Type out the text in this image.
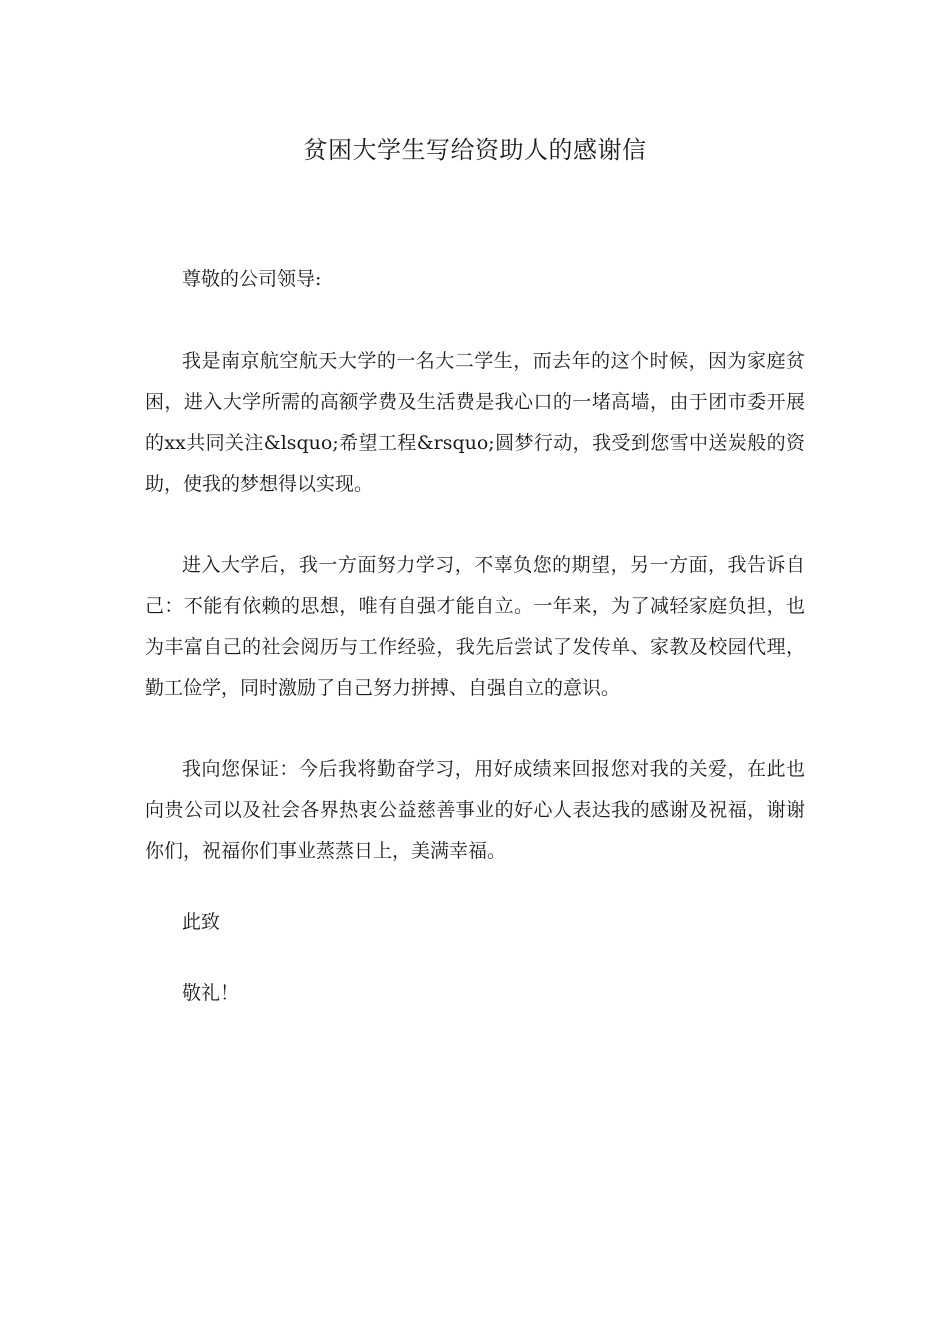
贫困大学生写给资助人的感谢信

尊敬的公司领导:

我是南京航空航天大学的一名大二学生，而去年的这个时候，因为家庭贫困，进入大学所需的高额学费及生活费是我心口的一堵高墙，由于团市委开展的xx共同关注&lsquo;希望工程&rsquo;圆梦行动，我受到您雪中送炭般的资助，使我的梦想得以实现。

进入大学后，我一方面努力学习，不辜负您的期望，另一方面，我告诉自己：不能有依赖的思想，唯有自强才能自立。一年来，为了减轻家庭负担，也为丰富自己的社会阅历与工作经验，我先后尝试了发传单、家教及校园代理，勤工俭学，同时激励了自己努力拼搏、自强自立的意识。

我向您保证：今后我将勤奋学习，用好成绩来回报您对我的关爱，在此也向贵公司以及社会各界热衷公益慈善事业的好心人表达我的感谢及祝福，谢谢你们，祝福你们事业蒸蒸日上，美满幸福。

此致

敬礼！
